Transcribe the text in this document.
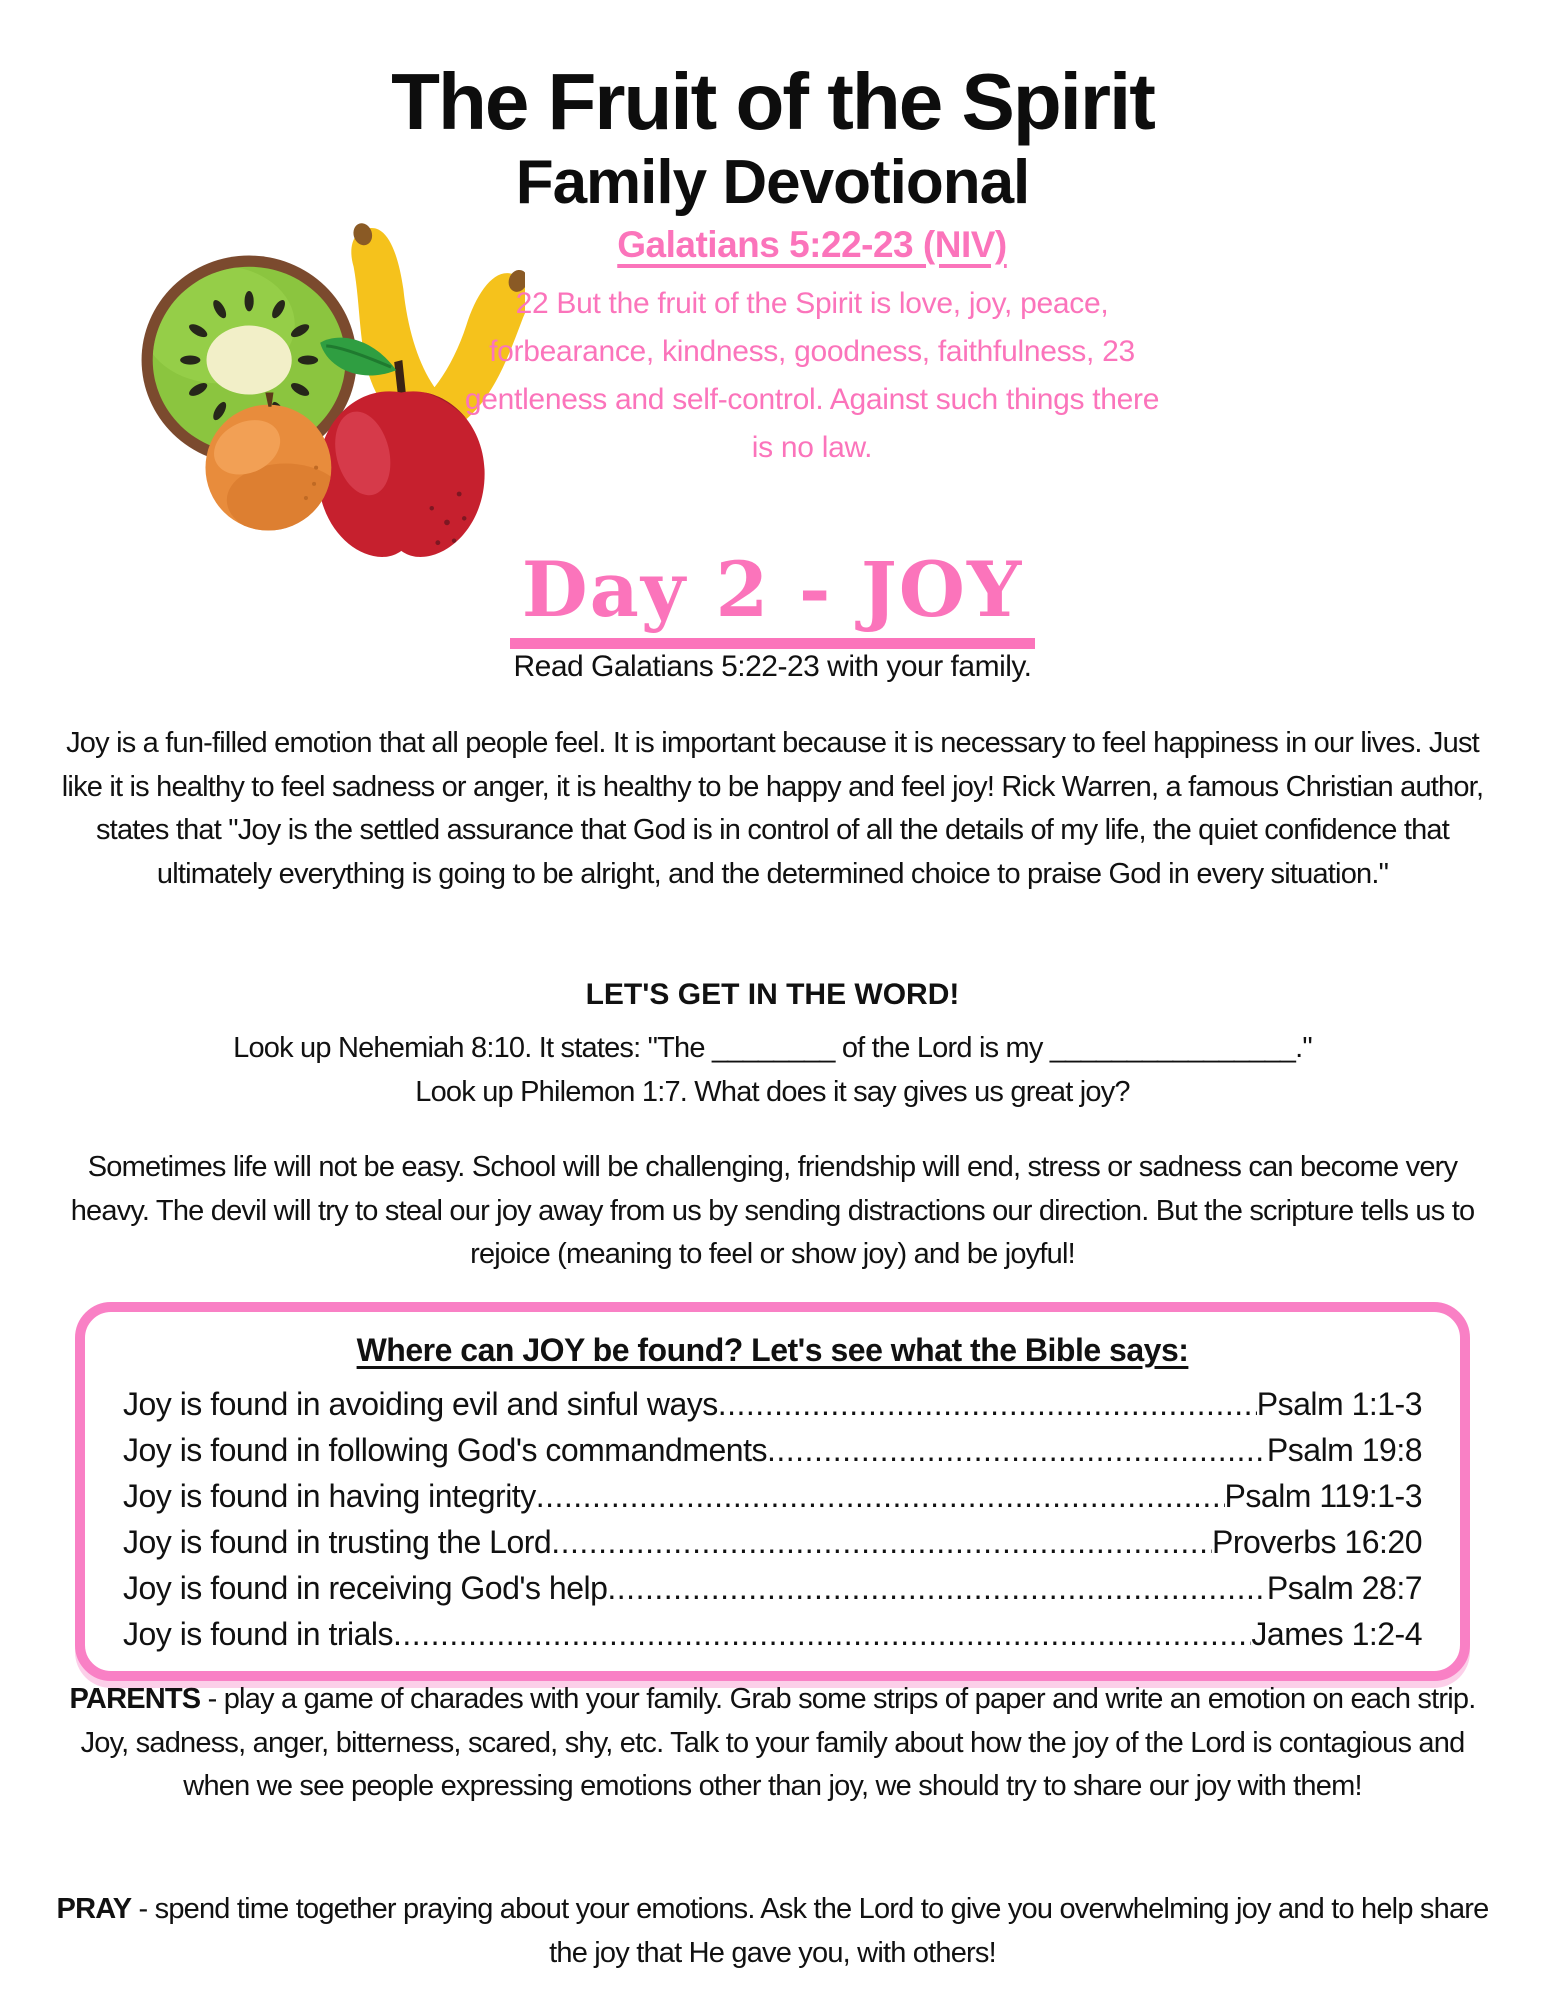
The Fruit of the Spirit
Family Devotional
Galatians 5:22-23 (NIV)
22 But the fruit of the Spirit is love, joy, peace, forbearance, kindness, goodness, faithfulness, 23 gentleness and self-control. Against such things there is no law.
Day 2 - JOY
Read Galatians 5:22-23 with your family.
Joy is a fun-filled emotion that all people feel. It is important because it is necessary to feel happiness in our lives. Just like it is healthy to feel sadness or anger, it is healthy to be happy and feel joy! Rick Warren, a famous Christian author, states that "Joy is the settled assurance that God is in control of all the details of my life, the quiet confidence that ultimately everything is going to be alright, and the determined choice to praise God in every situation."
LET'S GET IN THE WORD!
Look up Nehemiah 8:10. It states: "The ________ of the Lord is my ________________."
Look up Philemon 1:7. What does it say gives us great joy?
Sometimes life will not be easy. School will be challenging, friendship will end, stress or sadness can become very heavy. The devil will try to steal our joy away from us by sending distractions our direction. But the scripture tells us to rejoice (meaning to feel or show joy) and be joyful!
Where can JOY be found? Let's see what the Bible says:
Joy is found in avoiding evil and sinful ways .....	Psalm 1:1-3
Joy is found in following God's commandments .....	Psalm 19:8
Joy is found in having integrity .....	Psalm 119:1-3
Joy is found in trusting the Lord .....	Proverbs 16:20
Joy is found in receiving God's help .....	Psalm 28:7
Joy is found in trials .....	James 1:2-4
PARENTS - play a game of charades with your family. Grab some strips of paper and write an emotion on each strip. Joy, sadness, anger, bitterness, scared, shy, etc. Talk to your family about how the joy of the Lord is contagious and when we see people expressing emotions other than joy, we should try to share our joy with them!
PRAY - spend time together praying about your emotions. Ask the Lord to give you overwhelming joy and to help share the joy that He gave you, with others!
